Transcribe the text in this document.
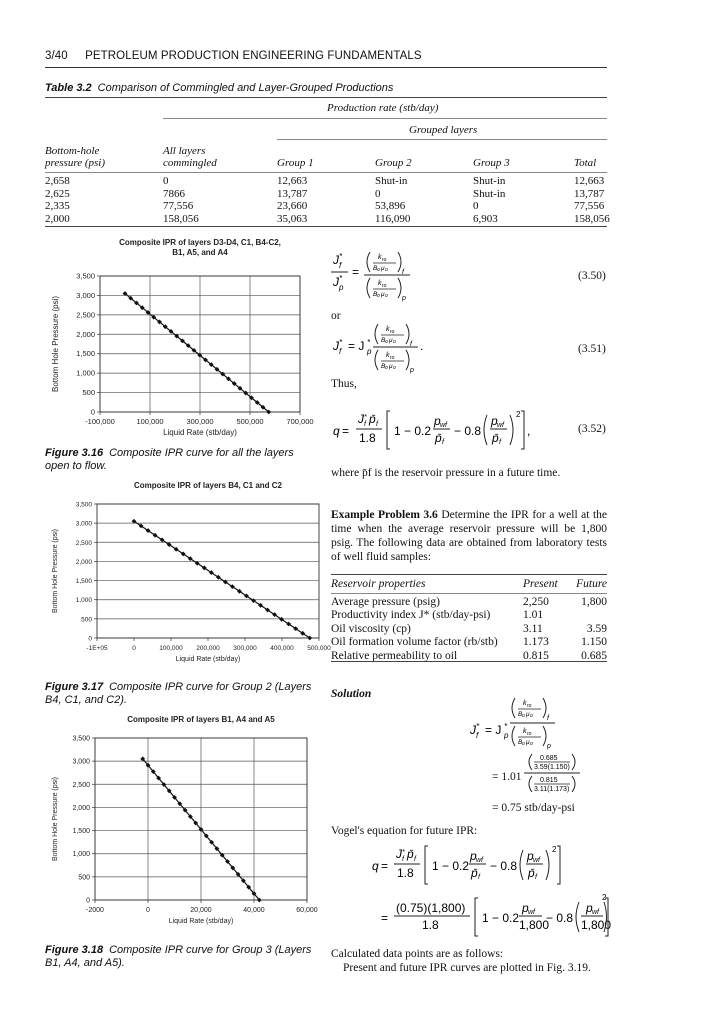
3/40 PETROLEUM PRODUCTION ENGINEERING FUNDAMENTALS
Table 3.2 Comparison of Commingled and Layer-Grouped Productions
Production rate (stb/day)
Grouped layers
Bottom-hole
pressure (psi)
All layers
commingled	Group 1	Group 2	Group 3	Total
2,658	0	12,663	Shut-in	Shut-in	12,663
2,625	7866	13,787	0	Shut-in	13,787
2,335	77,556	23,660	53,896	0	77,556
2,000	158,056	35,063	116,090	6,903	158,056
Composite IPR of layers D3-D4, C1, B4-C2,
B1, A5, and A4
0
500
1,000
1,500
2,000
2,500
3,000
3,500
-100,000	100,000	300,000	500,000	700,000
Liquid Rate (stb/day)
Bottom Hole Pressure (psi)
Figure 3.16 Composite IPR curve for all the layers open to flow.
Composite IPR of layers B4, C1 and C2
0
500
1,000
1,500
2,000
2,500
3,000
3,500
-1E+05	0	100,000 200,000 300,000 400,000 500,000
Liquid Rate (stb/day)
Bottom Hole Pressure (psi)
Figure 3.17 Composite IPR curve for Group 2 (Layers B4, C1, and C2).
Composite IPR of layers B1, A4 and A5
0
500
1,000
1,500
2,000
2,500
3,000
3,500
-2000	0	20,000	40,000	60,000
Liquid Rate (stb/day)
Bottom Hole Pressure (psi)
Figure 3.18 Composite IPR curve for Group 3 (Layers B1, A4, and A5).
J *
f
J *
p
=
k ro
B o μ o f
k ro
B o μ o p
J *
f = J *
p
k ro
B o μ o f
k ro
B o μ o p
.
(3.50)
or
(3.51)
Thus,
q =
J *
f p̄ f
1.8 1 − 0.2
p wf
p̄ f
− 0.8
p wf
p̄ f
2
,	(3.52)
where p̄f is the reservoir pressure in a future time.
Example Problem 3.6 Determine the IPR for a well at the time when the average reservoir pressure will be 1,800 psig. The following data are obtained from laboratory tests of well fluid samples:
Reservoir properties	Present	Future

Average pressure (psig)	2,250	1,800
Productivity index J* (stb/day-psi)	1.01	
Oil viscosity (cp)	3.11	3.59
Oil formation volume factor (rb/stb)	1.173	1.150
Relative permeability to oil	0.815	0.685
Solution
J *
f = J *
p
k ro
B o μ o f
k ro
B o μ o p
0.685
3.59(1.150)
0.815
3.11(1.173)
= 1.01
= 0.75 stb/day-psi
Vogel's equation for future IPR:
q =
J *
f p̄ f
1.8 1 − 0.2
p wf
p̄ f
− 0.8
p wf
p̄ f
2
=
(0.75)(1,800)
1.8	1 − 0.2
p wf
1,800
− 0.8
p wf
1,800
2
Calculated data points are as follows:
Present and future IPR curves are plotted in Fig. 3.19.
